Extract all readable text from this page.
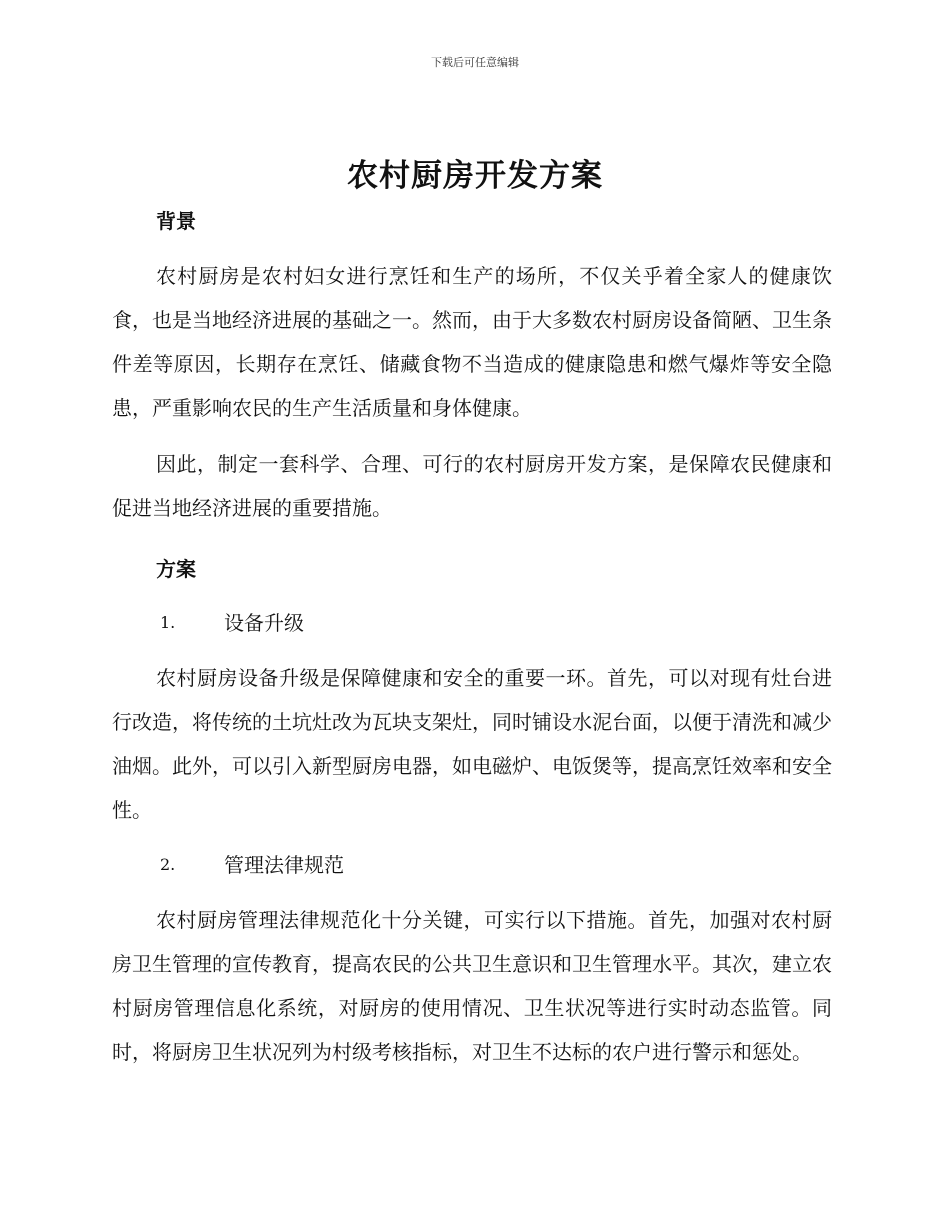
下载后可任意编辑
农村厨房开发方案
背景

农村厨房是农村妇女进行烹饪和生产的场所，不仅关乎着全家人的健康饮食，也是当地经济进展的基础之一。然而，由于大多数农村厨房设备简陋、卫生条件差等原因，长期存在烹饪、储藏食物不当造成的健康隐患和燃气爆炸等安全隐患，严重影响农民的生产生活质量和身体健康。

因此，制定一套科学、合理、可行的农村厨房开发方案，是保障农民健康和促进当地经济进展的重要措施。

方案
1.	设备升级

农村厨房设备升级是保障健康和安全的重要一环。首先，可以对现有灶台进行改造，将传统的土坑灶改为瓦块支架灶，同时铺设水泥台面，以便于清洗和减少油烟。此外，可以引入新型厨房电器，如电磁炉、电饭煲等，提高烹饪效率和安全性。

2.	管理法律规范

农村厨房管理法律规范化十分关键，可实行以下措施。首先，加强对农村厨房卫生管理的宣传教育，提高农民的公共卫生意识和卫生管理水平。其次，建立农村厨房管理信息化系统，对厨房的使用情况、卫生状况等进行实时动态监管。同时，将厨房卫生状况列为村级考核指标，对卫生不达标的农户进行警示和惩处。
